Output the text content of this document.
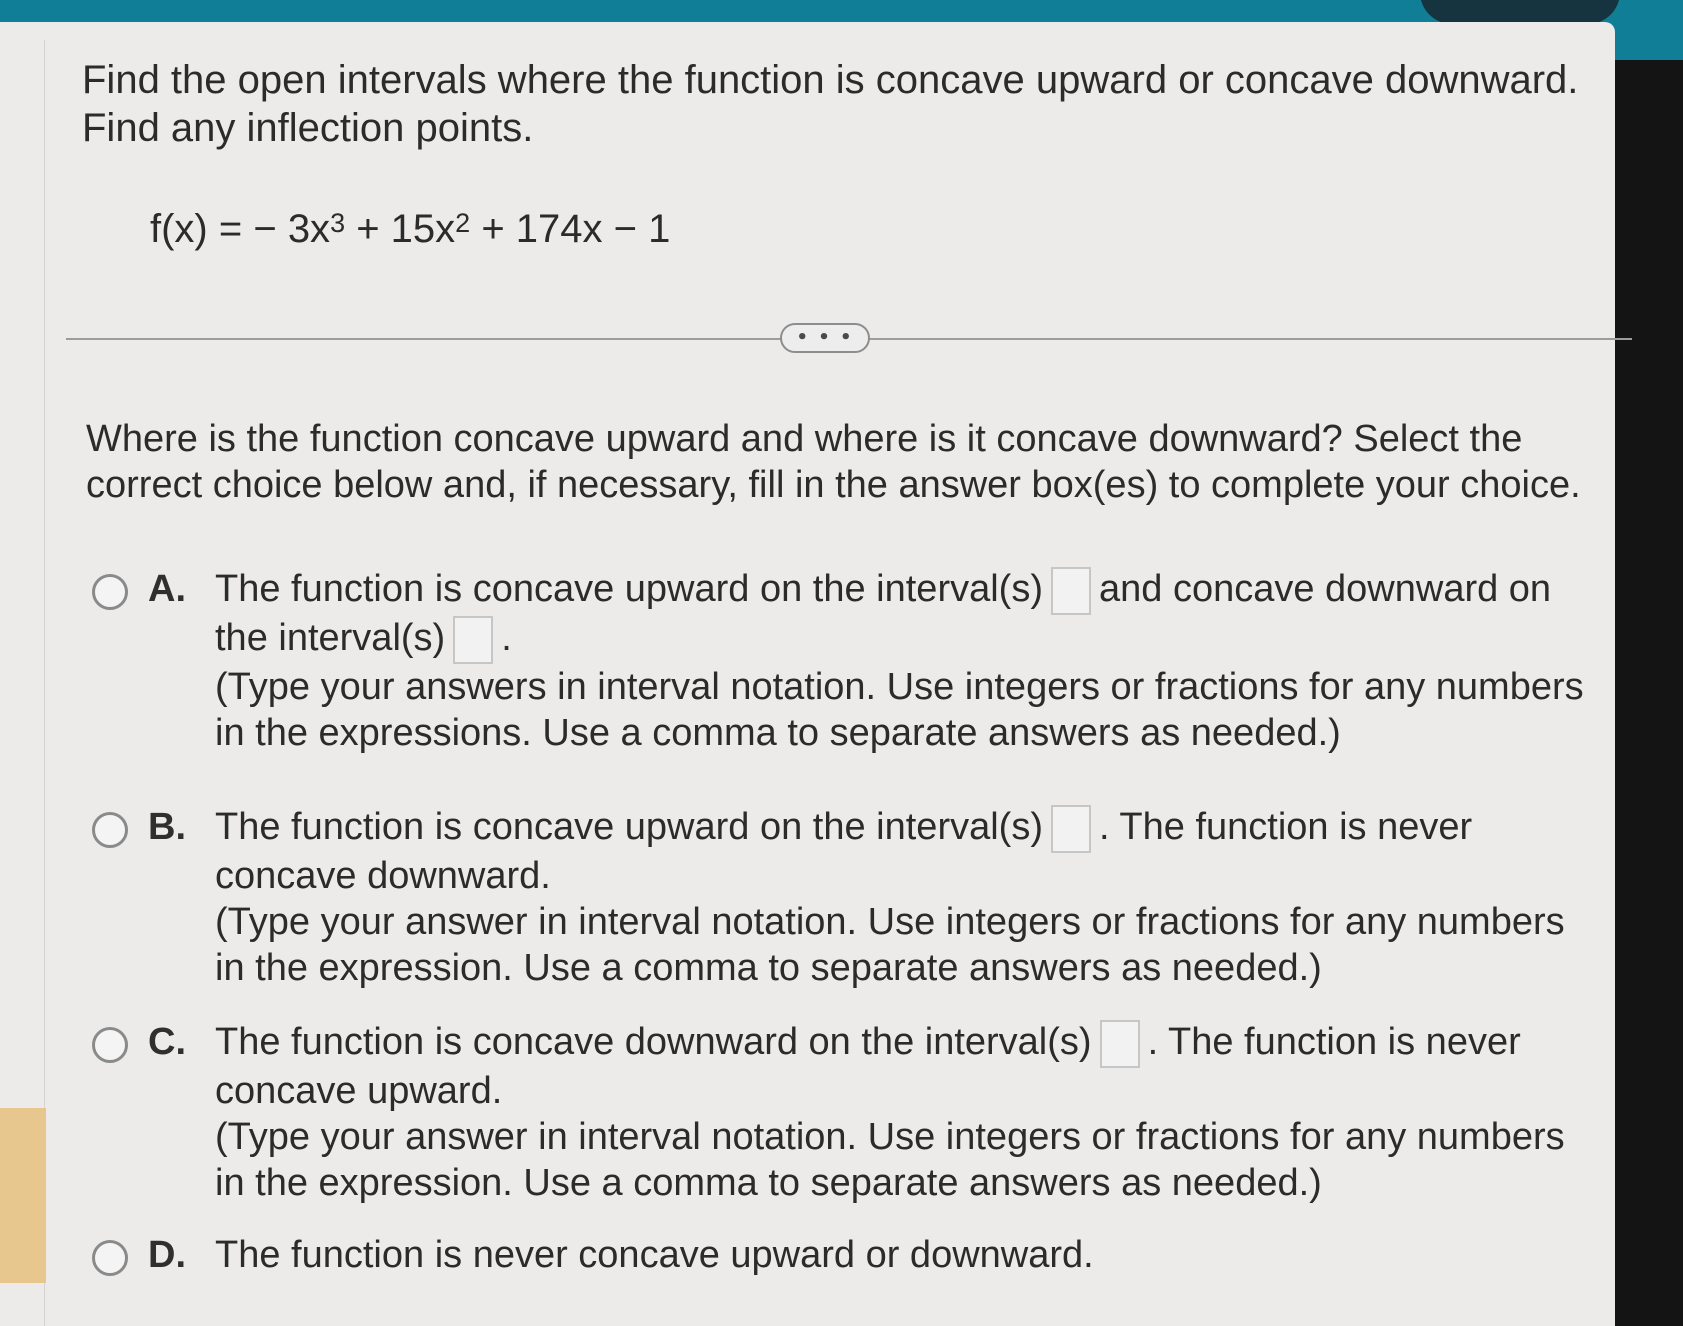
Find the open intervals where the function is concave upward or concave downward. Find any inflection points.
f(x) = − $3x^3 + 15x^2 + 174x - 1$
• • •
Where is the function concave upward and where is it concave downward? Select the correct choice below and, if necessary, fill in the answer box(es) to complete your choice.
A. The function is concave upward on the interval(s) and concave downward on

the interval(s) .

(Type your answers in interval notation. Use integers or fractions for any numbers in the expressions. Use a comma to separate answers as needed.)

B. The function is concave upward on the interval(s) . The function is never concave downward.

(Type your answer in interval notation. Use integers or fractions for any numbers in the expression. Use a comma to separate answers as needed.)

C. The function is concave downward on the interval(s) . The function is never concave upward.

(Type your answer in interval notation. Use integers or fractions for any numbers in the expression. Use a comma to separate answers as needed.)

D. The function is never concave upward or downward.
